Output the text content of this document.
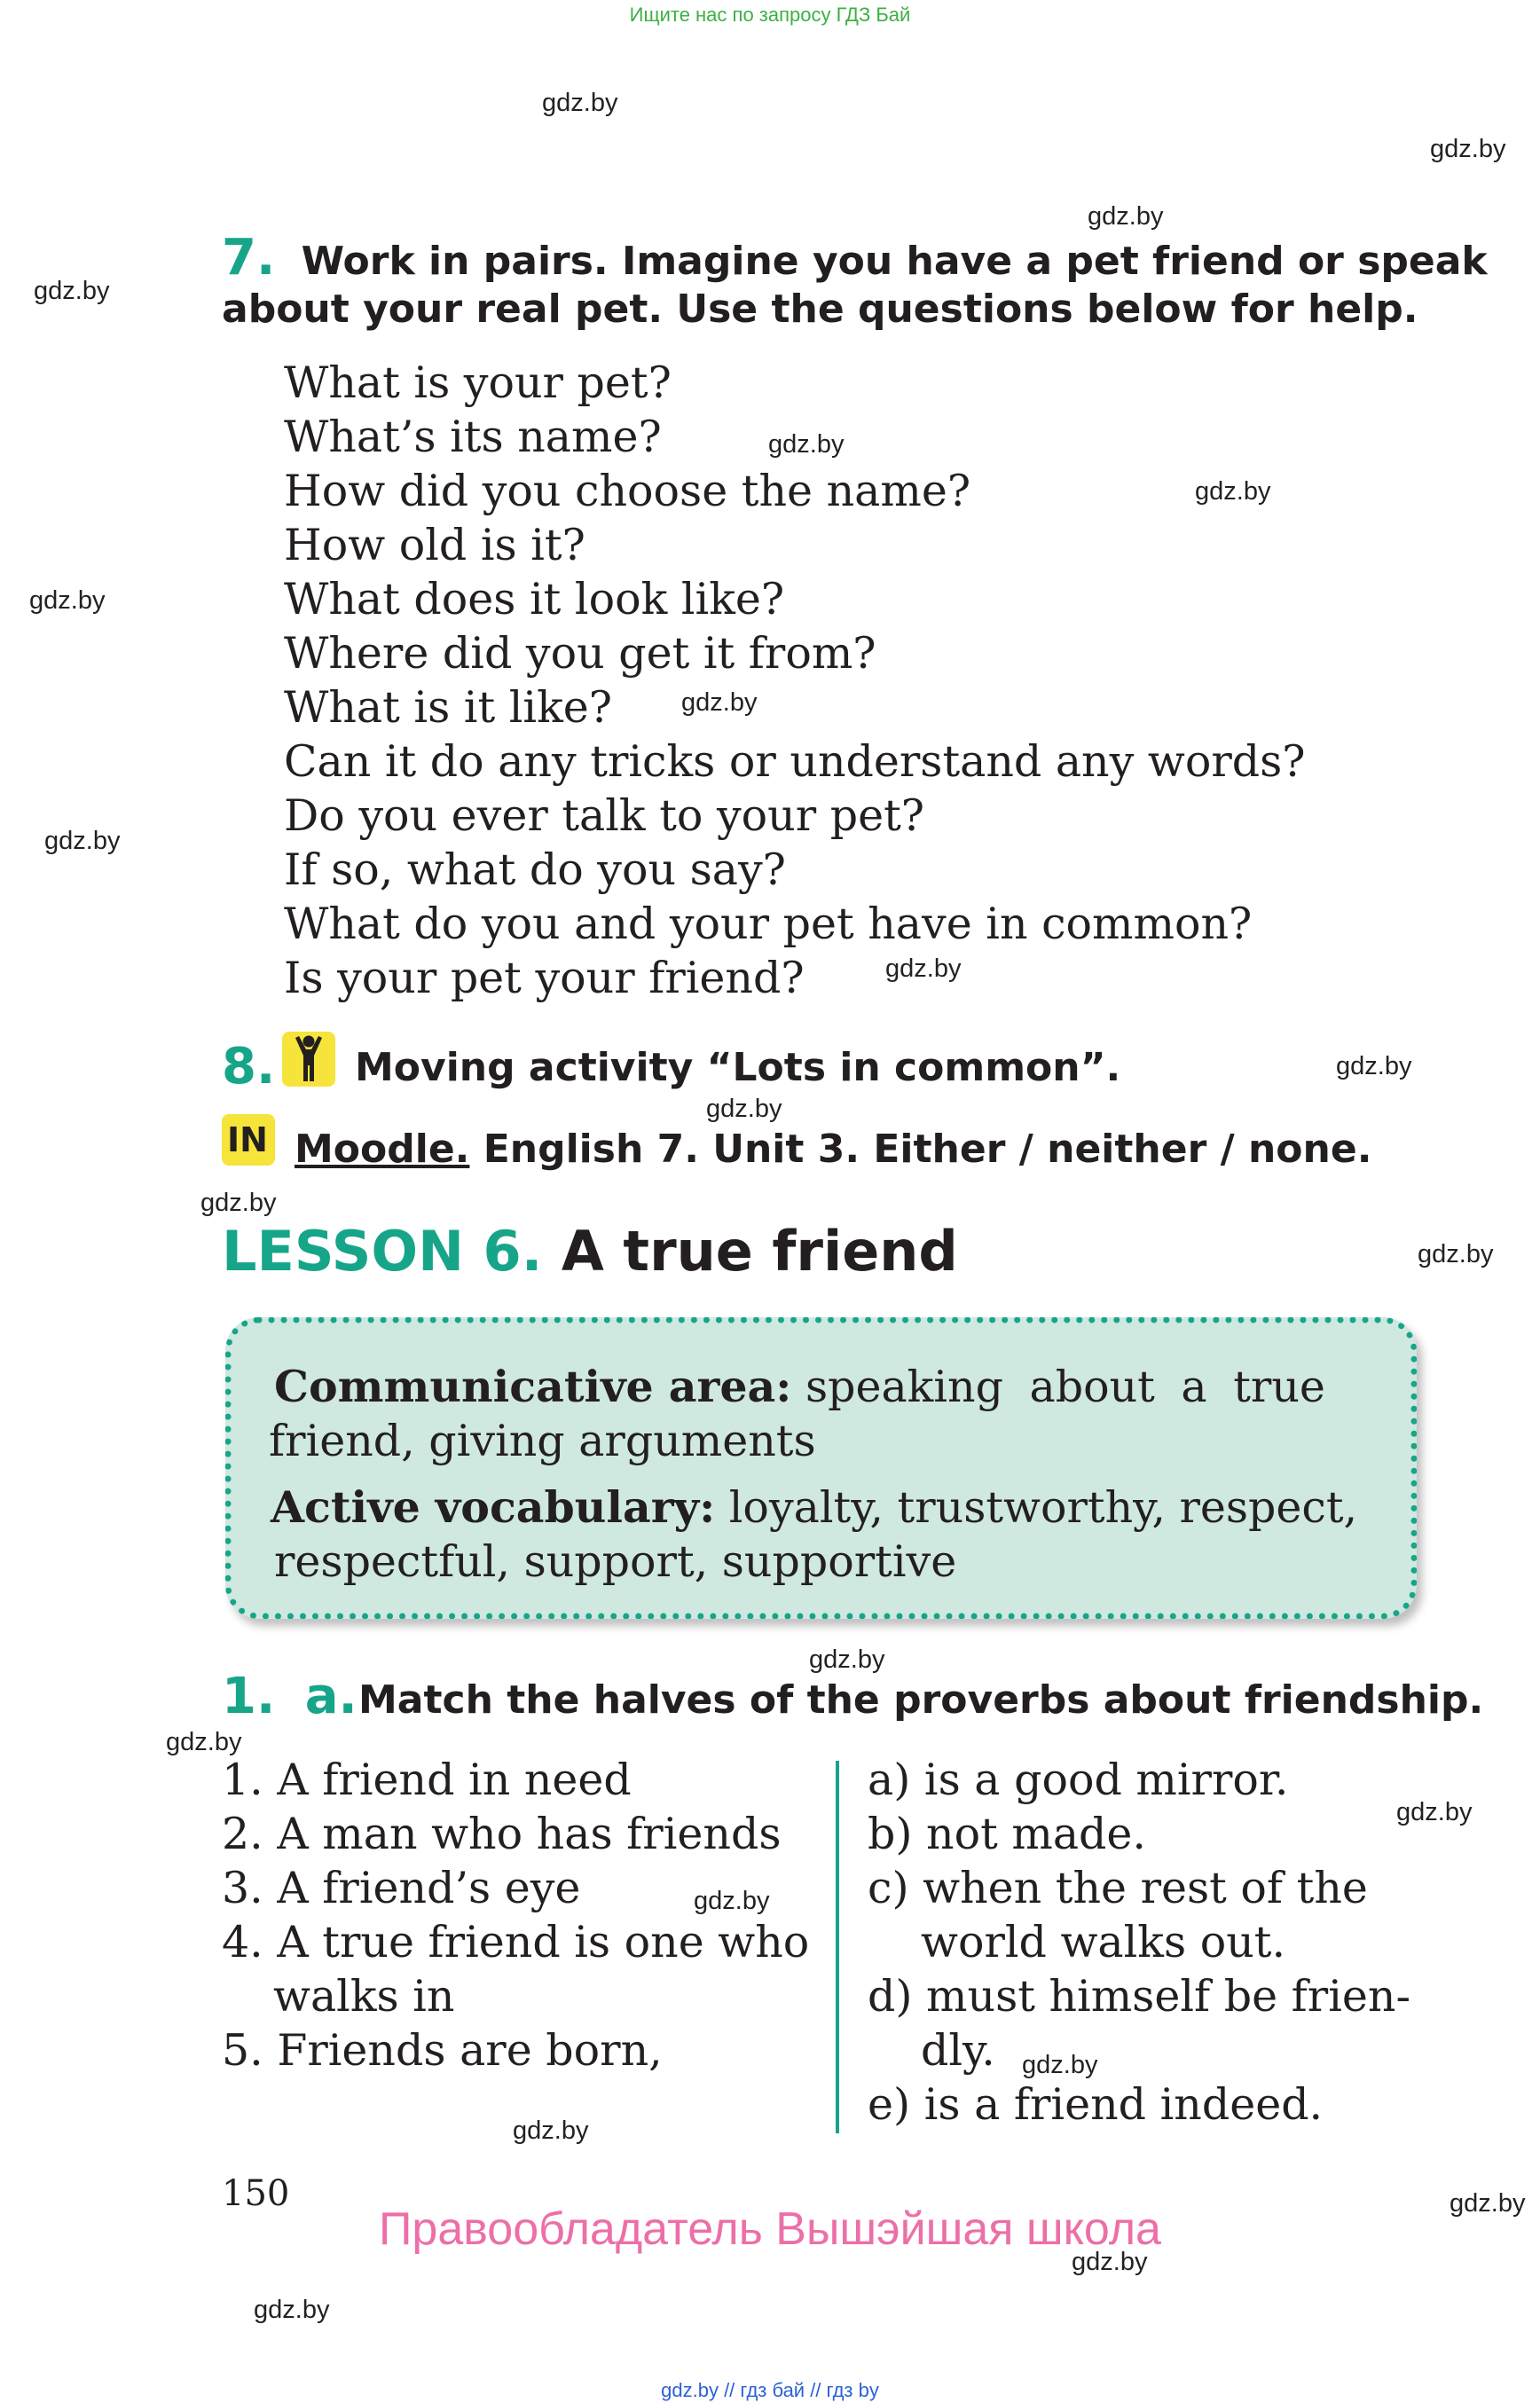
Ищите нас по запросу ГДЗ Бай
gdz.by
gdz.by
gdz.by
gdz.by
gdz.by
gdz.by
gdz.by
gdz.by
gdz.by
gdz.by
gdz.by
gdz.by
gdz.by
gdz.by
gdz.by
gdz.by
gdz.by
gdz.by
gdz.by
gdz.by
gdz.by
gdz.by
gdz.by
7. Work in pairs. Imagine you have a pet friend or speak
about your real pet. Use the questions below for help.
What is your pet?
What’s its name?
How did you choose the name?
How old is it?
What does it look like?
Where did you get it from?
What is it like?
Can it do any tricks or understand any words?
Do you ever talk to your pet?
If so, what do you say?
What do you and your pet have in common?
Is your pet your friend?
8. Moving activity “Lots in common”.
IN Moodle. English 7. Unit 3. Either / neither / none.
LESSON 6. A true friend
Communicative area: speaking about a true
friend, giving arguments
Active vocabulary: loyalty, trustworthy, respect,
respectful, support, supportive
1. a. Match the halves of the proverbs about friendship.
1. A friend in need
2. A man who has friends
3. A friend’s eye
4. A true friend is one who
walks in
5. Friends are born,
a) is a good mirror.
b) not made.
c) when the rest of the
world walks out.
d) must himself be frien-
dly.
e) is a friend indeed.
150
Правообладатель Вышэйшая школа
gdz.by // гдз бай // гдз by
